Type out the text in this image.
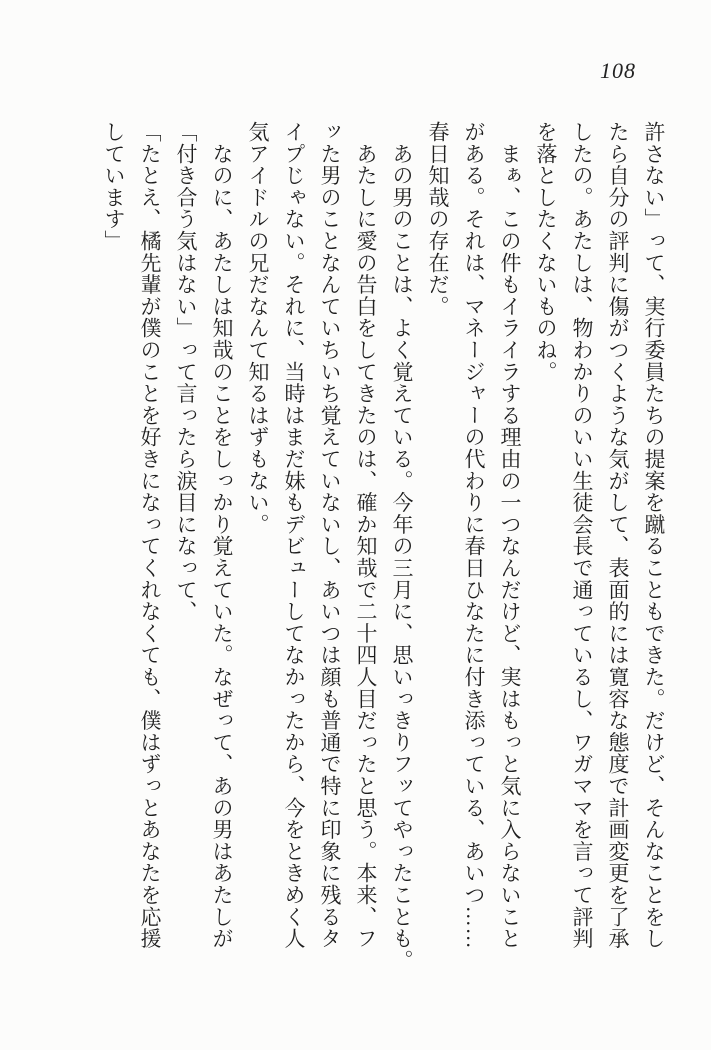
108
許さない」って、実行委員たちの提案を蹴ることもできた。だけど、そんなことをし
たら自分の評判に傷がつくような気がして、表面的には寛容な態度で計画変更を了承
したの。あたしは、物わかりのいい生徒会長で通っているし、ワガママを言って評判
を落としたくないものね。
　まぁ、この件もイライラする理由の一つなんだけど、実はもっと気に入らないこと
がある。それは、マネージャーの代わりに春日ひなたに付き添っている、あいつ……
春日知哉の存在だ。
　あの男のことは、よく覚えている。今年の三月に、思いっきりフッてやったことも。
　あたしに愛の告白をしてきたのは、確か知哉で二十四人目だったと思う。本来、フ
ッた男のことなんていちいち覚えていないし、あいつは顔も普通で特に印象に残るタ
イプじゃない。それに、当時はまだ妹もデビューしてなかったから、今をときめく人
気アイドルの兄だなんて知るはずもない。
　なのに、あたしは知哉のことをしっかり覚えていた。なぜって、あの男はあたしが
「付き合う気はない」って言ったら涙目になって、
「たとえ、橘先輩が僕のことを好きになってくれなくても、僕はずっとあなたを応援
しています」
